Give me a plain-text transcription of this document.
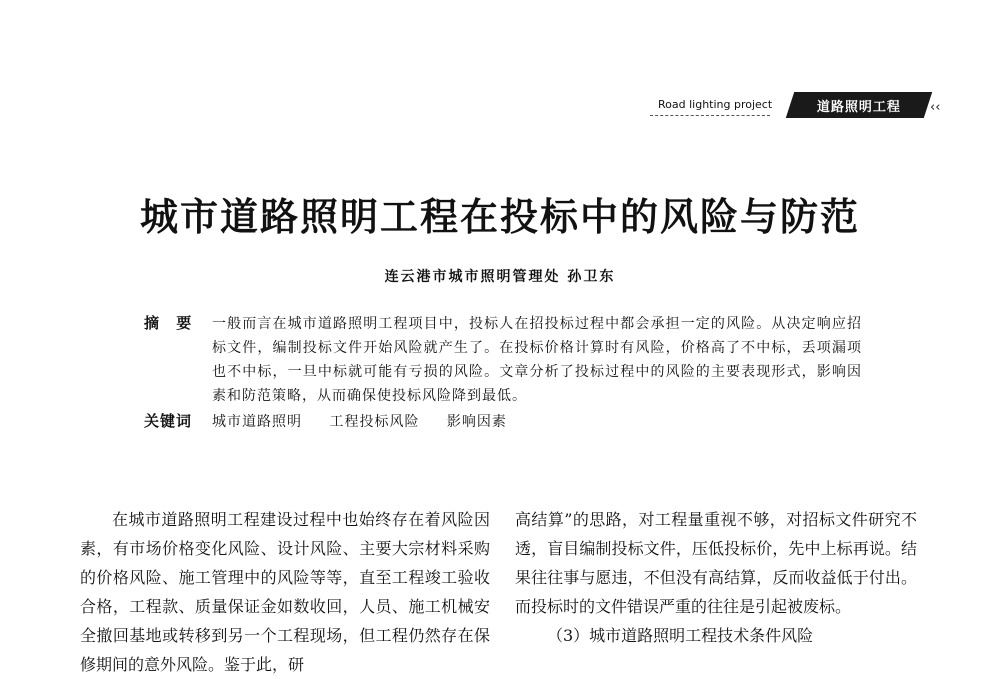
Road lighting project	道路照明工程 ‹‹
城市道路照明工程在投标中的风险与防范
连云港市城市照明管理处 孙卫东
摘 要 一般而言在城市道路照明工程项目中，投标人在招投标过程中都会承担一定的风险。从决定响应招标文件，编制投标文件开始风险就产生了。在投标价格计算时有风险，价格高了不中标，丢项漏项也不中标，一旦中标就可能有亏损的风险。文章分析了投标过程中的风险的主要表现形式，影响因素和防范策略，从而确保使投标风险降到最低。
关键词 城市道路照明 工程投标风险 影响因素

在城市道路照明工程建设过程中也始终存在着风险因素，有市场价格变化风险、设计风险、主要大宗材料采购的价格风险、施工管理中的风险等等，直至工程竣工验收合格，工程款、质量保证金如数收回，人员、施工机械安全撤回基地或转移到另一个工程现场，但工程仍然存在保修期间的意外风险。鉴于此，研

高结算”的思路，对工程量重视不够，对招标文件研究不透，盲目编制投标文件，压低投标价，先中上标再说。结果往往事与愿违，不但没有高结算，反而收益低于付出。而投标时的文件错误严重的往往是引起被废标。

（3）城市道路照明工程技术条件风险
